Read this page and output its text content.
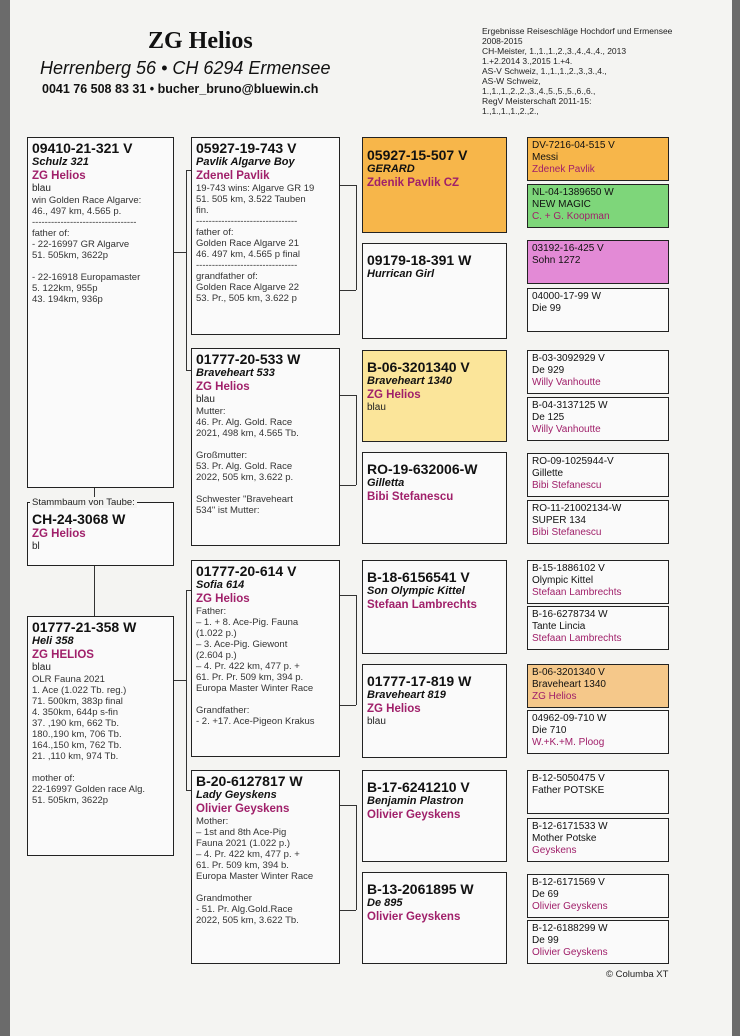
ZG Helios
Herrenberg 56 • CH 6294 Ermensee
0041 76 508 83 31 • bucher_bruno@bluewin.ch
Ergebnisse Reiseschläge Hochdorf und Ermensee 2008-2015
CH-Meister, 1.,1.,1.,2.,3.,4.,4.,4., 2013
1.+2.2014 3.,2015 1.+4.
AS-V Schweiz, 1.,1.,1.,2.,3.,3.,4.,
AS-W Schweiz,
1.,1.,1.,2.,2.,3.,4.,5.,5.,5.,6.,6.,
RegV Meisterschaft 2011-15:
1.,1.,1.,1.,2.,2.,
09410-21-321 V
Schulz 321
ZG Helios
blau
win Golden Race Algarve:
46., 497 km, 4.565 p.
---------------------------------
father of:
- 22-16997 GR Algarve
51. 505km, 3622p

- 22-16918 Europamaster
5. 122km, 955p
43. 194km, 936p
Stammbaum von Taube:
CH-24-3068 W
ZG Helios
bl
01777-21-358 W
Heli 358
ZG HELIOS
blau
OLR Fauna 2021
1. Ace (1.022 Tb. reg.)
71. 500km, 383p final
4. 350km, 644p s-fin
37. ,190 km, 662 Tb.
180.,190 km, 706 Tb.
164.,150 km, 762 Tb.
21. ,110 km, 974 Tb.

mother of:
22-16997 Golden race Alg.
51. 505km, 3622p
05927-19-743 V
Pavlik Algarve Boy
Zdenel Pavlik
19-743 wins: Algarve GR 19
51. 505 km, 3.522 Tauben
fin.
--------------------------------
father of:
Golden Race Algarve 21
46. 497 km, 4.565 p final
--------------------------------
grandfather of:
Golden Race Algarve 22
53. Pr., 505 km, 3.622 p
01777-20-533 W
Braveheart 533
ZG Helios
blau
Mutter:
46. Pr. Alg. Gold. Race
2021, 498 km, 4.565 Tb.

Großmutter:
53. Pr. Alg. Gold. Race
2022, 505 km, 3.622 p.

Schwester "Braveheart
534" ist Mutter:
01777-20-614 V
Sofia 614
ZG Helios
Father:
– 1. + 8. Ace-Pig. Fauna
(1.022 p.)
– 3. Ace-Pig. Giewont
(2.604 p.)
– 4. Pr. 422 km, 477 p. +
61. Pr. Pr. 509 km, 394 p.
Europa Master Winter Race

Grandfather:
- 2. +17. Ace-Pigeon Krakus
B-20-6127817 W
Lady Geyskens
Olivier Geyskens
Mother:
– 1st and 8th Ace-Pig
Fauna 2021 (1.022 p.)
– 4. Pr. 422 km, 477 p. +
61. Pr. 509 km, 394 b.
Europa Master Winter Race

Grandmother
- 51. Pr. Alg.Gold.Race
2022, 505 km, 3.622 Tb.
05927-15-507 V
GERARD
Zdenik Pavlik CZ
09179-18-391 W
Hurrican Girl
B-06-3201340 V
Braveheart 1340
ZG Helios
blau
RO-19-632006-W
Gilletta
Bibi Stefanescu
B-18-6156541 V
Son Olympic Kittel
Stefaan Lambrechts
01777-17-819 W
Braveheart 819
ZG Helios
blau
B-17-6241210 V
Benjamin Plastron
Olivier Geyskens
B-13-2061895 W
De 895
Olivier Geyskens
DV-7216-04-515 V
Messi
Zdenek Pavlik
NL-04-1389650 W
NEW MAGIC
C. + G. Koopman
03192-16-425 V
Sohn 1272
04000-17-99 W
Die 99
B-03-3092929 V
De 929
Willy Vanhoutte
B-04-3137125 W
De 125
Willy Vanhoutte
RO-09-1025944-V
Gillette
Bibi Stefanescu
RO-11-21002134-W
SUPER 134
Bibi Stefanescu
B-15-1886102 V
Olympic Kittel
Stefaan Lambrechts
B-16-6278734 W
Tante Lincia
Stefaan Lambrechts
B-06-3201340 V
Braveheart 1340
ZG Helios
04962-09-710 W
Die 710
W.+K.+M. Ploog
B-12-5050475 V
Father POTSKE
B-12-6171533 W
Mother Potske
Geyskens
B-12-6171569 V
De 69
Olivier Geyskens
B-12-6188299 W
De 99
Olivier Geyskens
© Columba XT
